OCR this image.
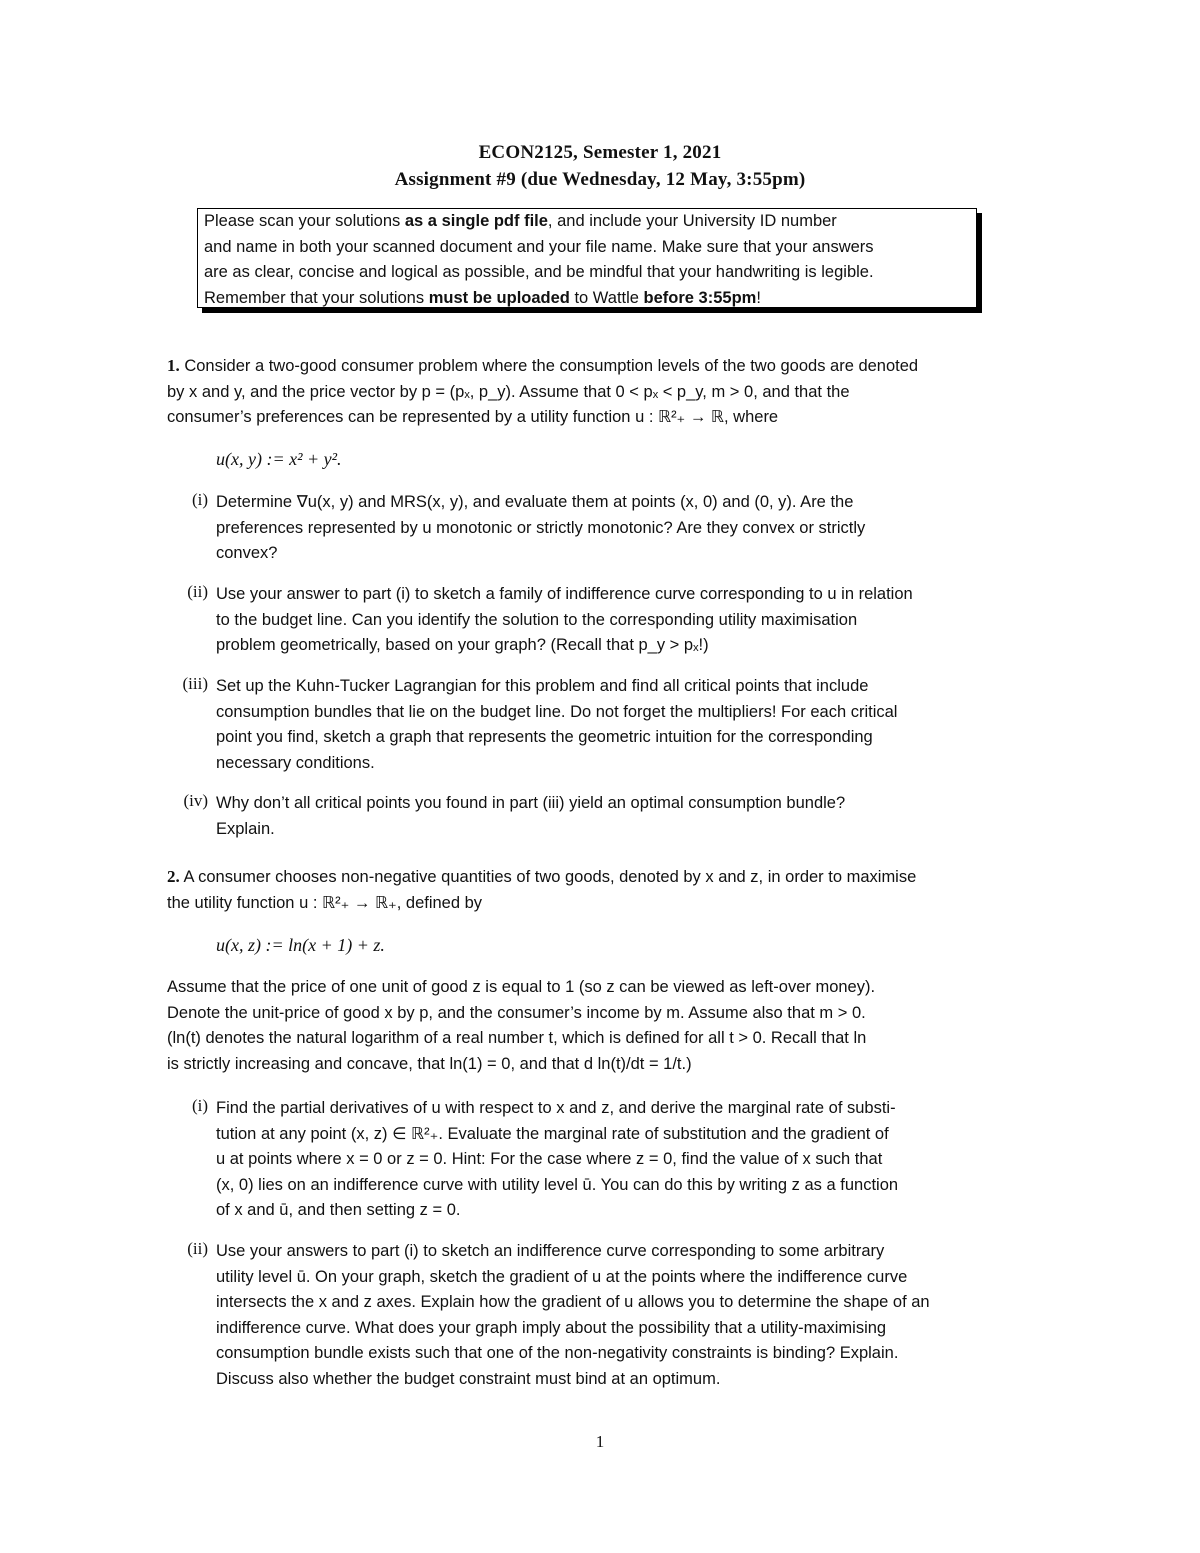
ECON2125, Semester 1, 2021
Assignment #9 (due Wednesday, 12 May, 3:55pm)
Please scan your solutions as a single pdf file, and include your University ID number
and name in both your scanned document and your file name. Make sure that your answers
are as clear, concise and logical as possible, and be mindful that your handwriting is legible.
Remember that your solutions must be uploaded to Wattle before 3:55pm!
1. Consider a two-good consumer problem where the consumption levels of the two goods are denoted
by x and y, and the price vector by p = (pₓ, p_y). Assume that 0 < pₓ < p_y, m > 0, and that the
consumer’s preferences can be represented by a utility function u : ℝ²₊ → ℝ, where
u(x, y) := x² + y².
(i) Determine ∇u(x, y) and MRS(x, y), and evaluate them at points (x, 0) and (0, y). Are the
preferences represented by u monotonic or strictly monotonic? Are they convex or strictly
convex?
(ii) Use your answer to part (i) to sketch a family of indifference curve corresponding to u in relation
to the budget line. Can you identify the solution to the corresponding utility maximisation
problem geometrically, based on your graph? (Recall that p_y > pₓ!)
(iii) Set up the Kuhn-Tucker Lagrangian for this problem and find all critical points that include
consumption bundles that lie on the budget line. Do not forget the multipliers! For each critical
point you find, sketch a graph that represents the geometric intuition for the corresponding
necessary conditions.
(iv) Why don’t all critical points you found in part (iii) yield an optimal consumption bundle?
Explain.
2. A consumer chooses non-negative quantities of two goods, denoted by x and z, in order to maximise
the utility function u : ℝ²₊ → ℝ₊, defined by
u(x, z) := ln(x + 1) + z.
Assume that the price of one unit of good z is equal to 1 (so z can be viewed as left-over money).
Denote the unit-price of good x by p, and the consumer’s income by m. Assume also that m > 0.
(ln(t) denotes the natural logarithm of a real number t, which is defined for all t > 0. Recall that ln
is strictly increasing and concave, that ln(1) = 0, and that d ln(t)/dt = 1/t.)
(i) Find the partial derivatives of u with respect to x and z, and derive the marginal rate of substi-
tution at any point (x, z) ∈ ℝ²₊. Evaluate the marginal rate of substitution and the gradient of
u at points where x = 0 or z = 0. Hint: For the case where z = 0, find the value of x such that
(x, 0) lies on an indifference curve with utility level ū. You can do this by writing z as a function
of x and ū, and then setting z = 0.
(ii) Use your answers to part (i) to sketch an indifference curve corresponding to some arbitrary
utility level ū. On your graph, sketch the gradient of u at the points where the indifference curve
intersects the x and z axes. Explain how the gradient of u allows you to determine the shape of an
indifference curve. What does your graph imply about the possibility that a utility-maximising
consumption bundle exists such that one of the non-negativity constraints is binding? Explain.
Discuss also whether the budget constraint must bind at an optimum.
1
